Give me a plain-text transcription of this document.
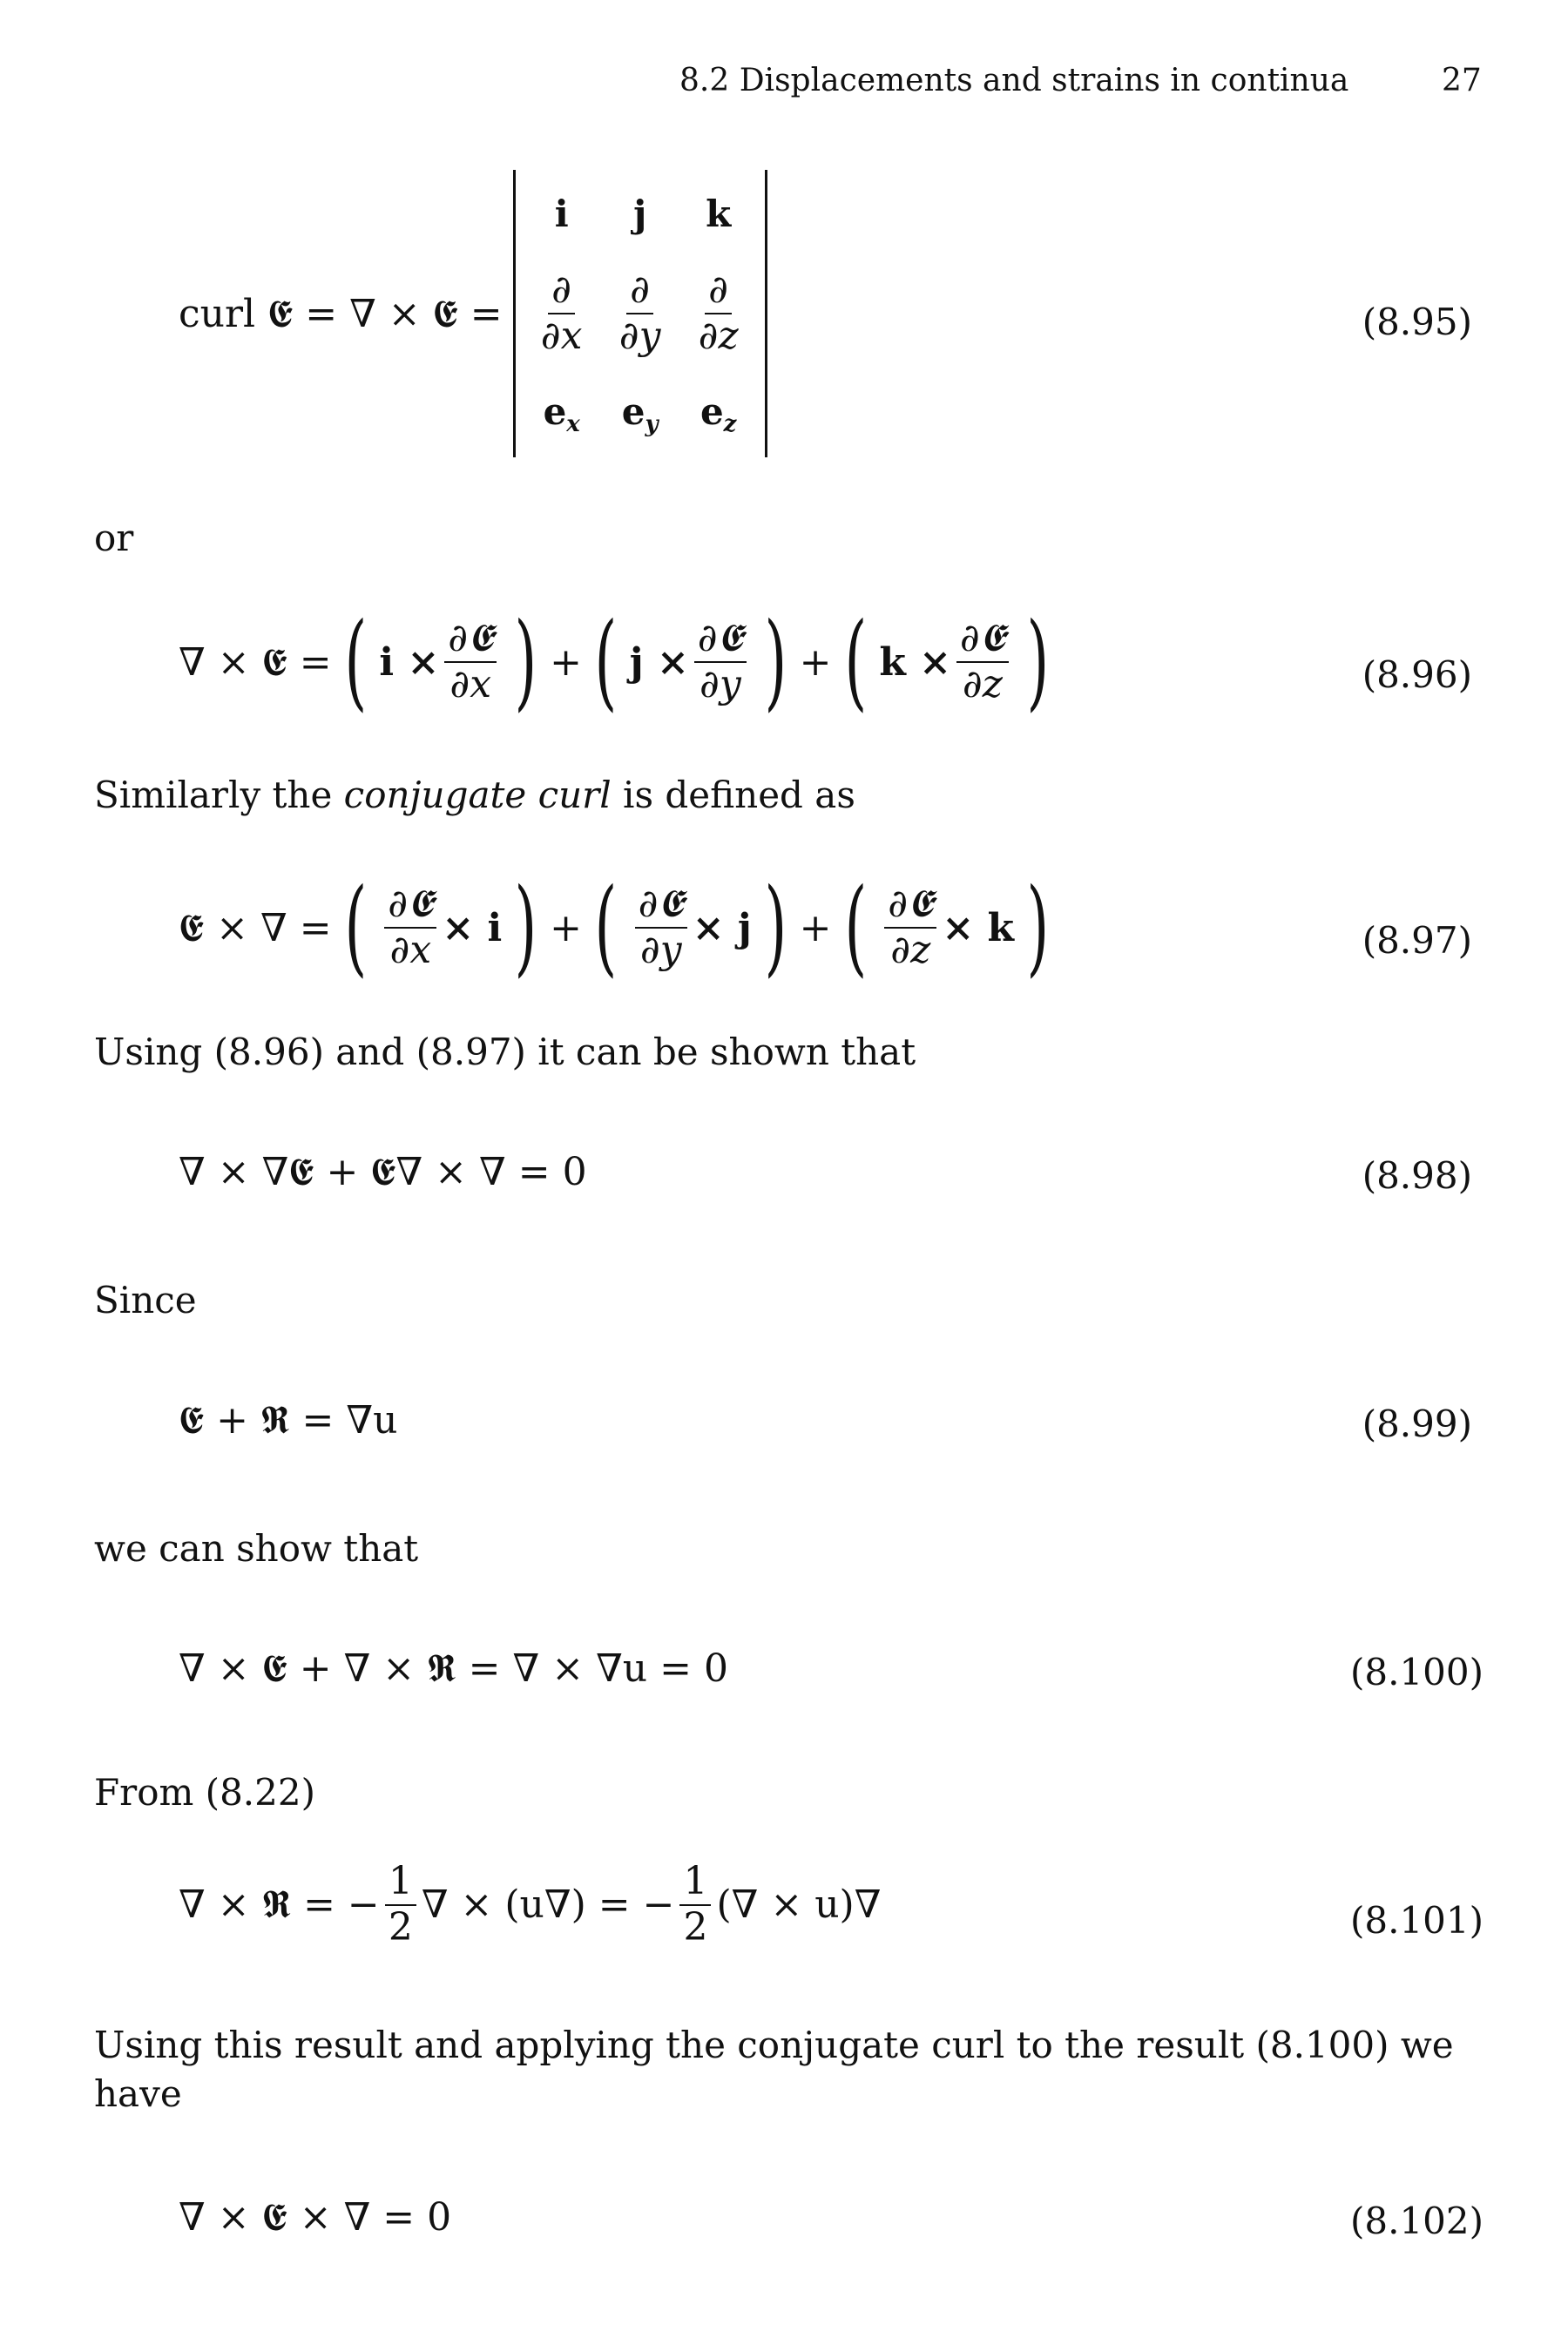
8.2 Displacements and strains in continua	27
curl 𝕰 = ∇ × 𝕰 =
i j k
$\frac{\partial}{\partial x} \frac{\partial}{\partial y} \frac{\partial}{\partial z}$
$e_x$ $e_y$ $e_z$
(8.95)
or
∇ × 𝕰 = ( $i \times \frac{\text{∂𝕰}}{\partial x}$ ) + ( $j \times \frac{\text{∂𝕰}}{\partial y}$ ) + ( $k \times \frac{\text{∂𝕰}}{\partial z}$ )	(8.96)
Similarly the conjugate curl is defined as
𝕰 × ∇ = ( $\frac{\text{∂𝕰}}{\partial x} \times i$ ) + ( $\frac{\text{∂𝕰}}{\partial y} \times j$ ) + ( $\frac{\text{∂𝕰}}{\partial z} \times k$ )	(8.97)
Using (8.96) and (8.97) it can be shown that
∇ × ∇𝕰 + 𝕰∇ × ∇ = 0	(8.98)
Since
𝕰 + 𝕽 = ∇u	(8.99)
we can show that
∇ × 𝕰 + ∇ × 𝕽 = ∇ × ∇u = 0	(8.100)
From (8.22)
∇ × 𝕽 = − $\frac{1}{2}$ ∇ × (u∇) = − $\frac{1}{2}$ (∇ × u)∇	(8.101)
Using this result and applying the conjugate curl to the result (8.100) we have
∇ × 𝕰 × ∇ = 0	(8.102)
